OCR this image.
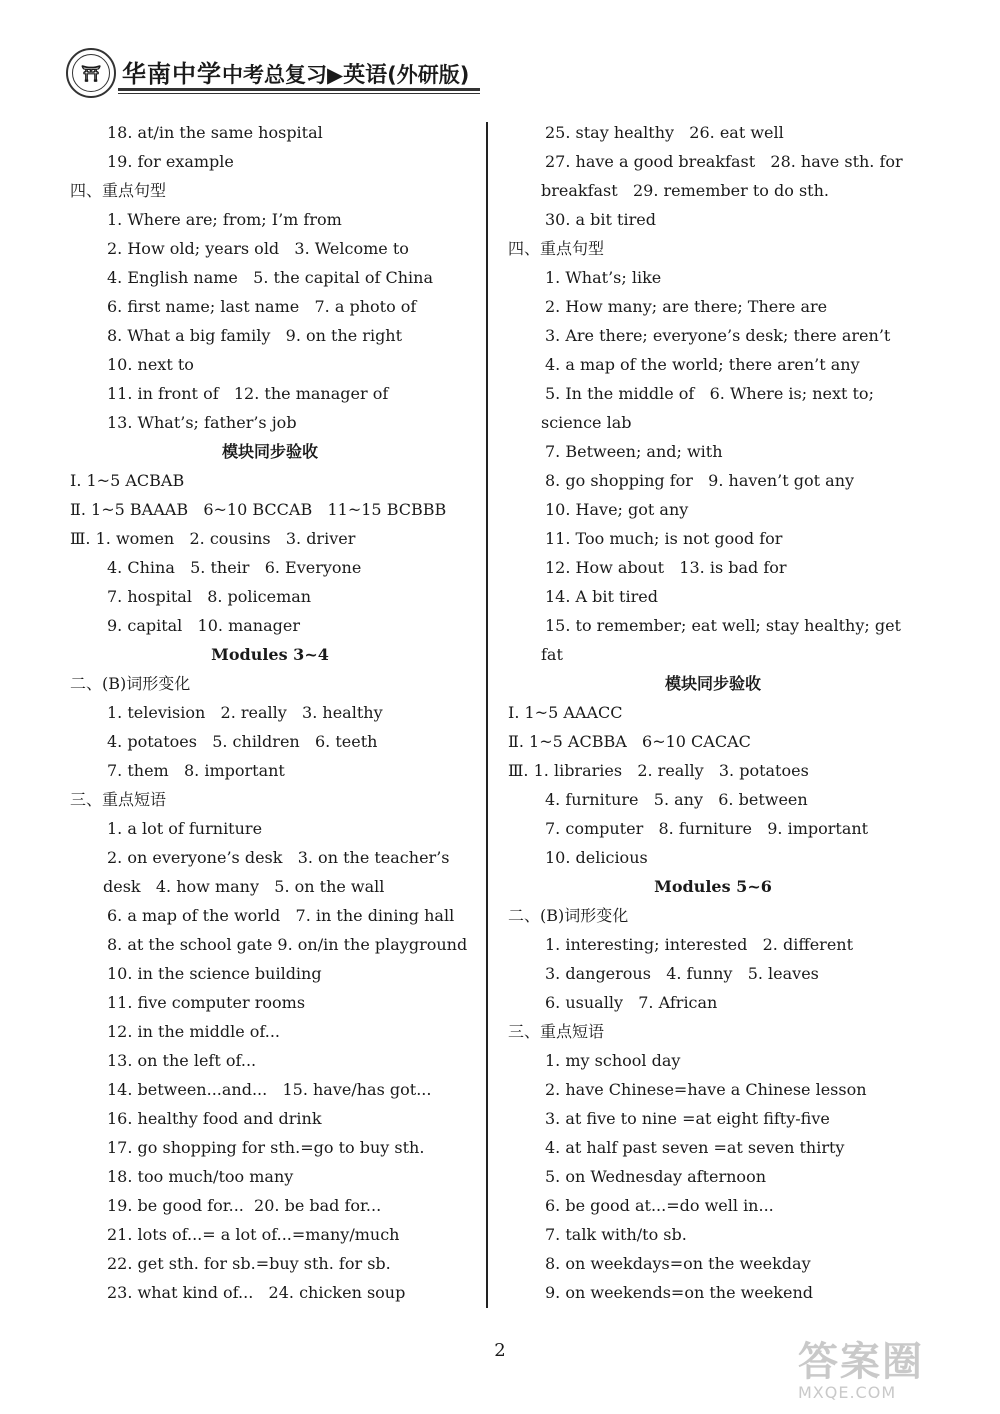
⛩ 华南中学中考总复习▶英语(外研版)
18. at/in the same hospital
19. for example
四、重点句型
1. Where are; from; I’m from
2. How old; years old   3. Welcome to
4. English name   5. the capital of China
6. first name; last name   7. a photo of
8. What a big family   9. on the right
10. next to
11. in front of   12. the manager of
13. What’s; father’s job
模块同步验收
Ⅰ. 1~5 ACBAB
Ⅱ. 1~5 BAAAB   6~10 BCCAB   11~15 BCBBB
Ⅲ. 1. women   2. cousins   3. driver
4. China   5. their   6. Everyone
7. hospital   8. policeman
9. capital   10. manager
Modules 3~4
二、(B)词形变化
1. television   2. really   3. healthy
4. potatoes   5. children   6. teeth
7. them   8. important
三、重点短语
1. a lot of furniture
2. on everyone’s desk   3. on the teacher’s
desk   4. how many   5. on the wall
6. a map of the world   7. in the dining hall
8. at the school gate 9. on/in the playground
10. in the science building
11. five computer rooms
12. in the middle of...
13. on the left of...
14. between...and...   15. have/has got...
16. healthy food and drink
17. go shopping for sth.=go to buy sth.
18. too much/too many
19. be good for...  20. be bad for...
21. lots of...= a lot of...=many/much
22. get sth. for sb.=buy sth. for sb.
23. what kind of...   24. chicken soup
25. stay healthy   26. eat well
27. have a good breakfast   28. have sth. for
breakfast   29. remember to do sth.
30. a bit tired
四、重点句型
1. What’s; like
2. How many; are there; There are
3. Are there; everyone’s desk; there aren’t
4. a map of the world; there aren’t any
5. In the middle of   6. Where is; next to;
science lab
7. Between; and; with
8. go shopping for   9. haven’t got any
10. Have; got any
11. Too much; is not good for
12. How about   13. is bad for
14. A bit tired
15. to remember; eat well; stay healthy; get
fat
模块同步验收
Ⅰ. 1~5 AAACC
Ⅱ. 1~5 ACBBA   6~10 CACAC
Ⅲ. 1. libraries   2. really   3. potatoes
4. furniture   5. any   6. between
7. computer   8. furniture   9. important
10. delicious
Modules 5~6
二、(B)词形变化
1. interesting; interested   2. different
3. dangerous   4. funny   5. leaves
6. usually   7. African
三、重点短语
1. my school day
2. have Chinese=have a Chinese lesson
3. at five to nine =at eight fifty-five
4. at half past seven =at seven thirty
5. on Wednesday afternoon
6. be good at...=do well in...
7. talk with/to sb.
8. on weekdays=on the weekday
9. on weekends=on the weekend
2	答案圈
MXQE.COM
